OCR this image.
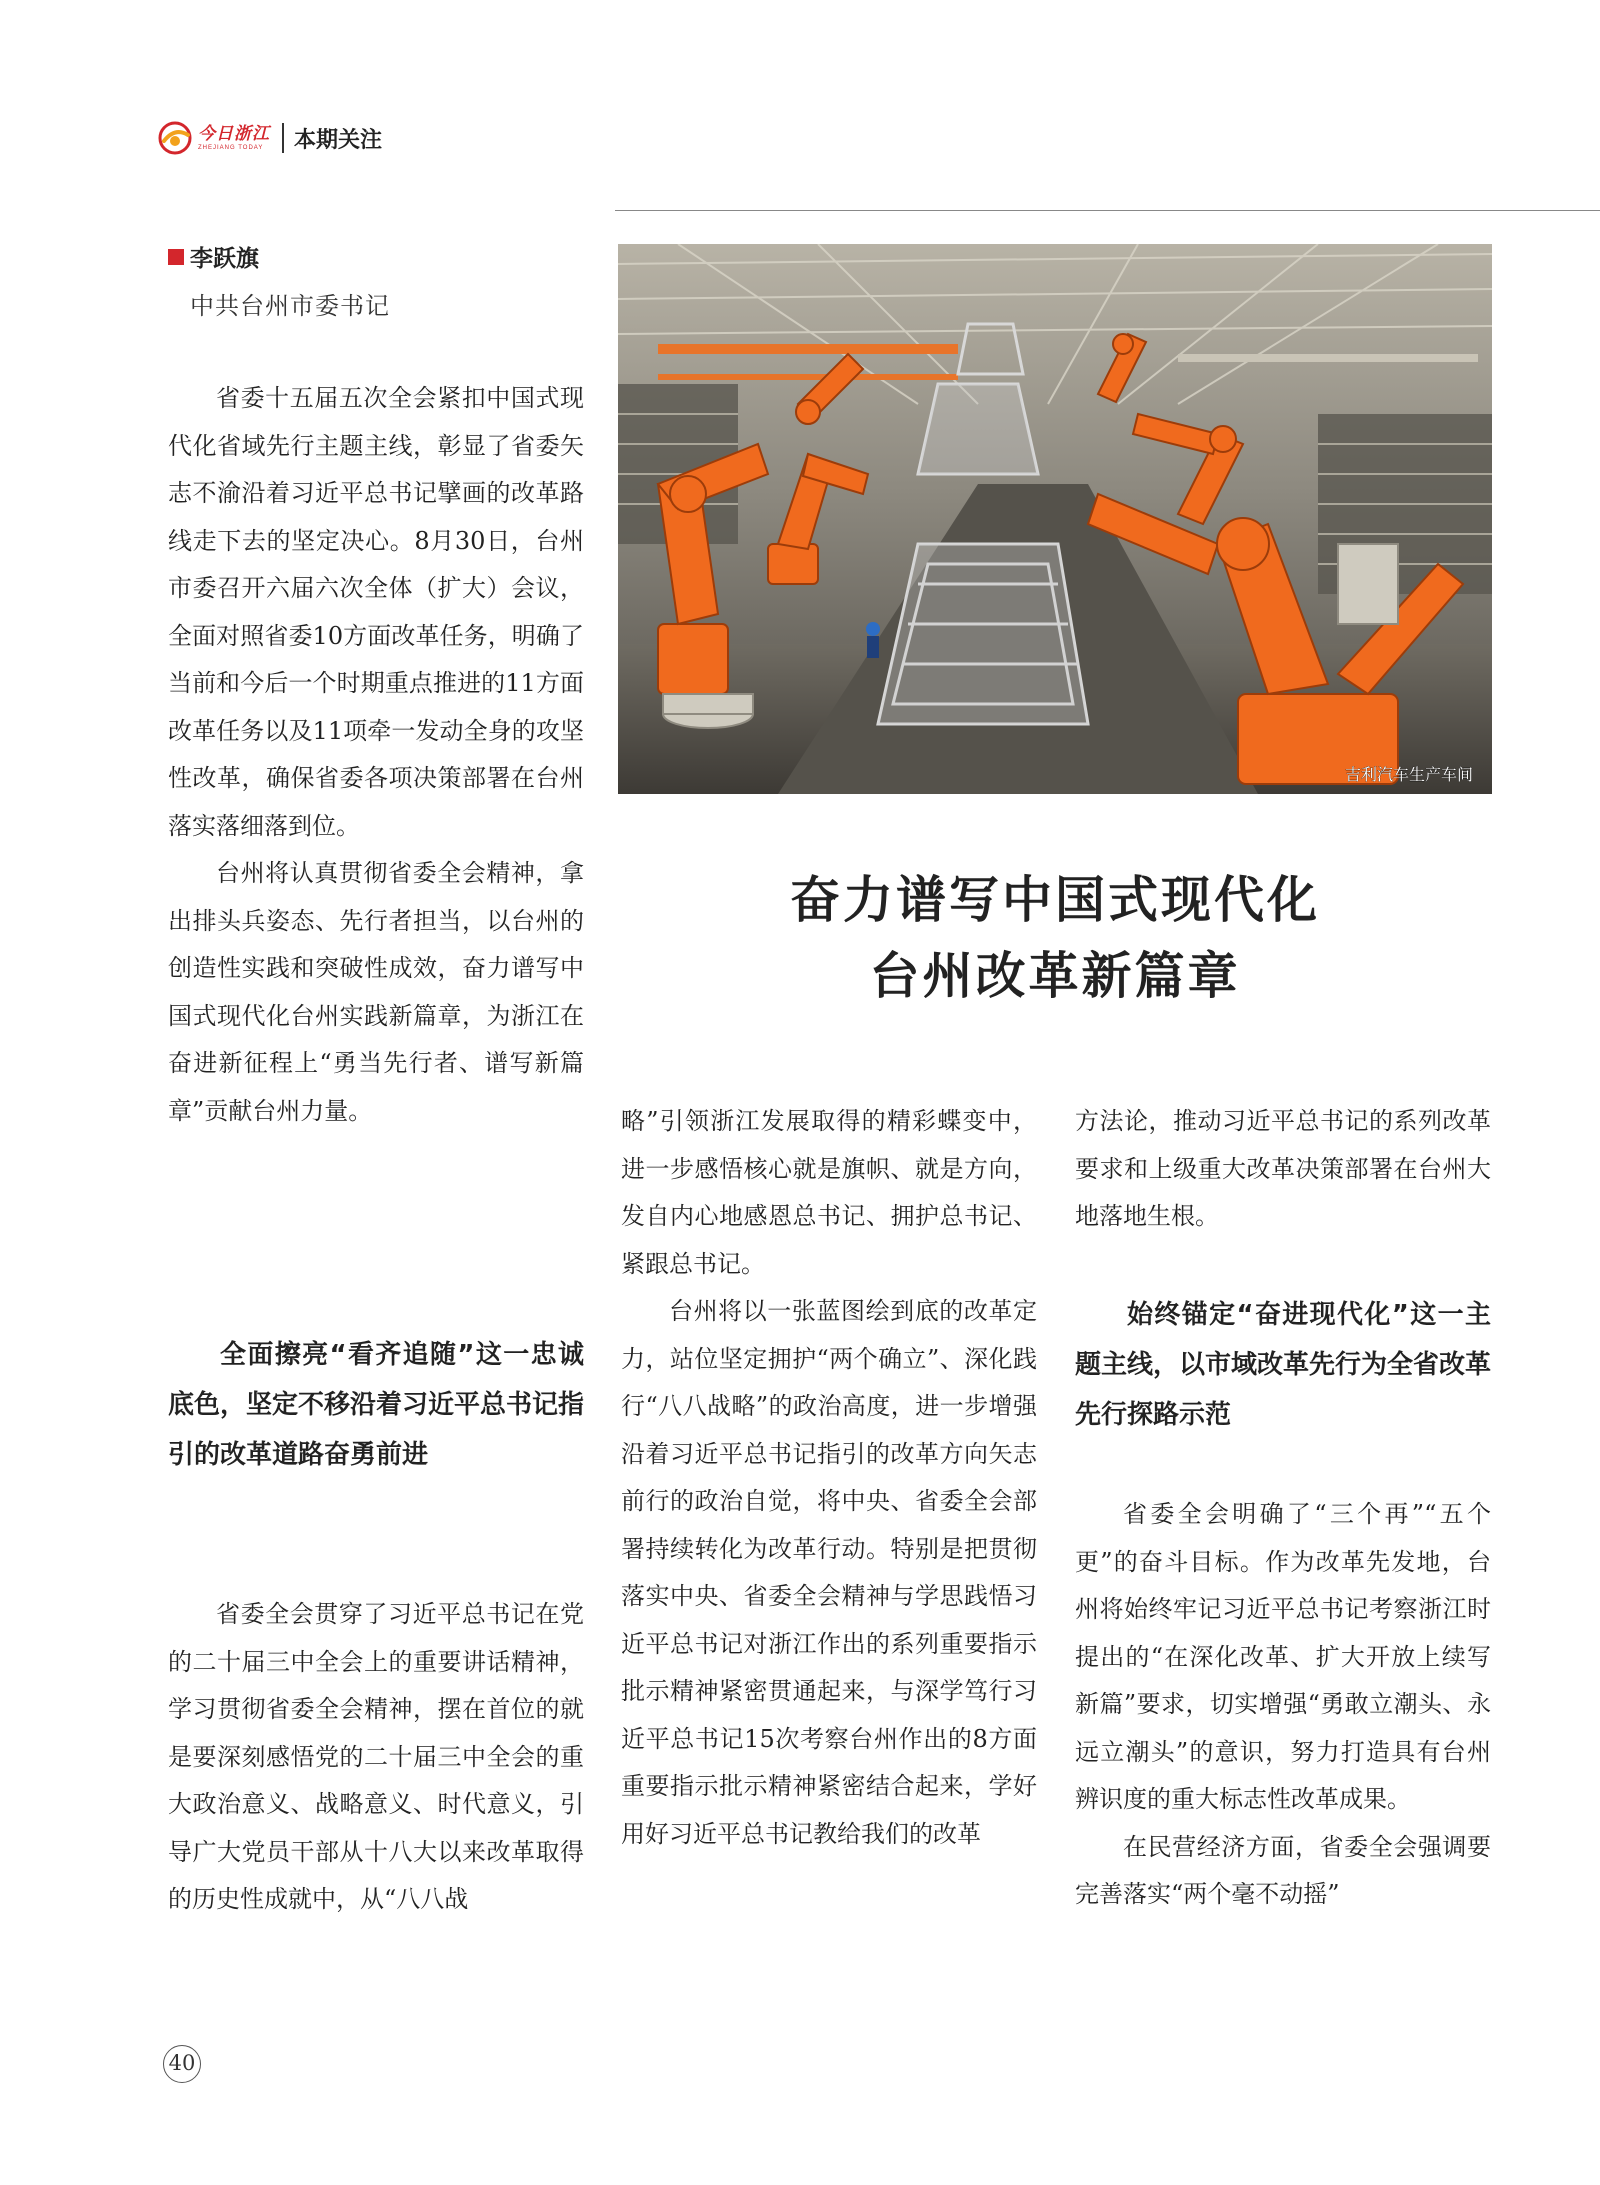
今日浙江
ZHEJIANG TODAY	本期关注
李跃旗
中共台州市委书记
吉利汽车生产车间
奋力谱写中国式现代化
台州改革新篇章

省委十五届五次全会紧扣中国式现代化省域先行主题主线，彰显了省委矢志不渝沿着习近平总书记擘画的改革路线走下去的坚定决心。8月30日，台州市委召开六届六次全体（扩大）会议，全面对照省委10方面改革任务，明确了当前和今后一个时期重点推进的11方面改革任务以及11项牵一发动全身的攻坚性改革，确保省委各项决策部署在台州落实落细落到位。

台州将认真贯彻省委全会精神，拿出排头兵姿态、先行者担当，以台州的创造性实践和突破性成效，奋力谱写中国式现代化台州实践新篇章，为浙江在奋进新征程上“勇当先行者、谱写新篇章”贡献台州力量。

全面擦亮“看齐追随”这一忠诚底色，坚定不移沿着习近平总书记指引的改革道路奋勇前进

省委全会贯穿了习近平总书记在党的二十届三中全会上的重要讲话精神，学习贯彻省委全会精神，摆在首位的就是要深刻感悟党的二十届三中全会的重大政治意义、战略意义、时代意义，引导广大党员干部从十八大以来改革取得的历史性成就中，从“八八战

略”引领浙江发展取得的精彩蝶变中，进一步感悟核心就是旗帜、就是方向，发自内心地感恩总书记、拥护总书记、紧跟总书记。

台州将以一张蓝图绘到底的改革定力，站位坚定拥护“两个确立”、深化践行“八八战略”的政治高度，进一步增强沿着习近平总书记指引的改革方向矢志前行的政治自觉，将中央、省委全会部署持续转化为改革行动。特别是把贯彻落实中央、省委全会精神与学思践悟习近平总书记对浙江作出的系列重要指示批示精神紧密贯通起来，与深学笃行习近平总书记15次考察台州作出的8方面重要指示批示精神紧密结合起来，学好用好习近平总书记教给我们的改革

方法论，推动习近平总书记的系列改革要求和上级重大改革决策部署在台州大地落地生根。

始终锚定“奋进现代化”这一主题主线，以市域改革先行为全省改革先行探路示范

省委全会明确了“三个再”“五个更”的奋斗目标。作为改革先发地，台州将始终牢记习近平总书记考察浙江时提出的“在深化改革、扩大开放上续写新篇”要求，切实增强“勇敢立潮头、永远立潮头”的意识，努力打造具有台州辨识度的重大标志性改革成果。

在民营经济方面，省委全会强调要完善落实“两个毫不动摇”

40
